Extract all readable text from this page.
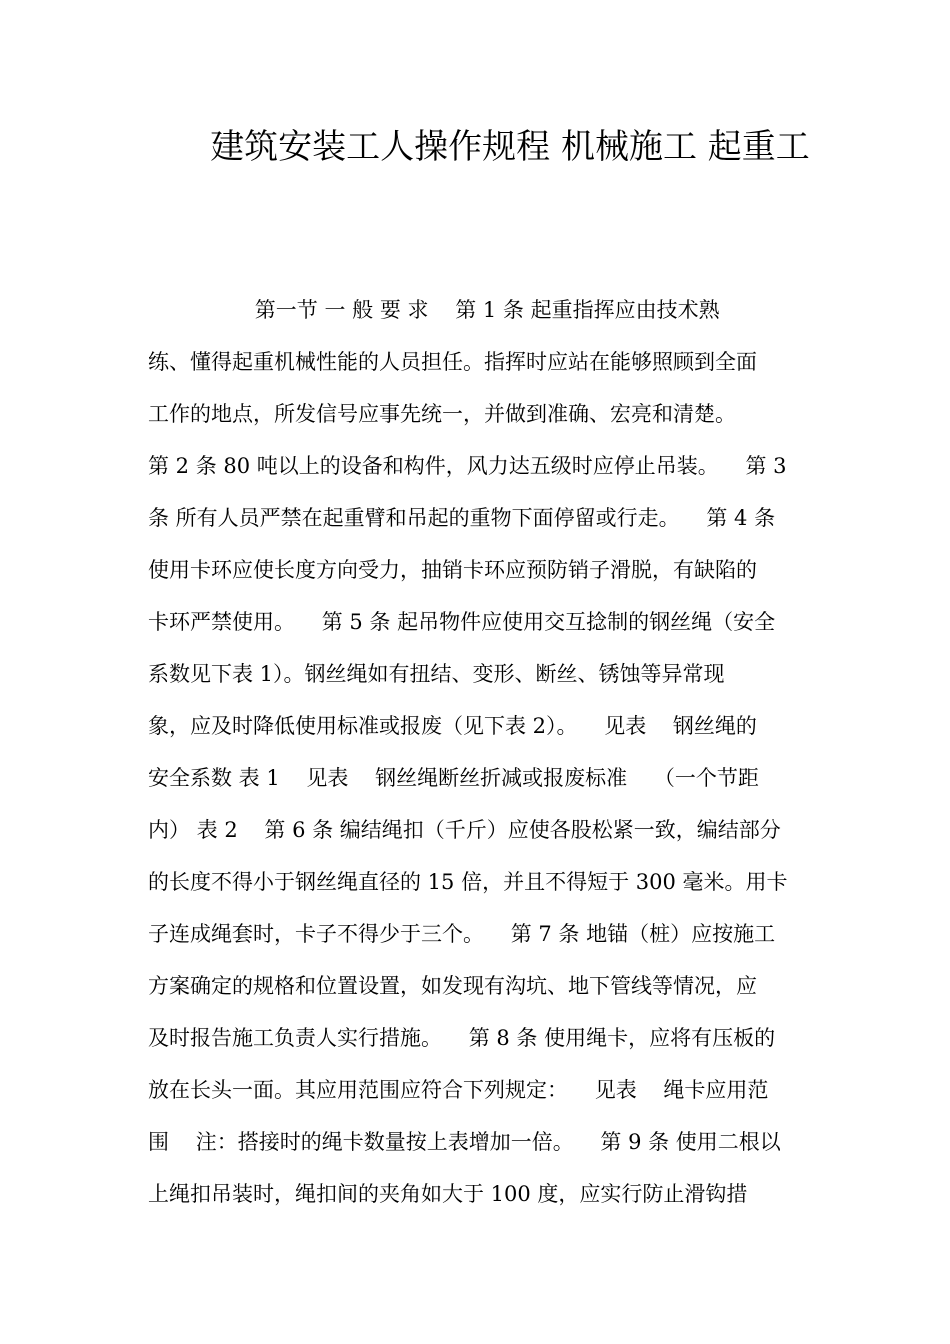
建筑安装工人操作规程 机械施工 起重工
第一节 一 般 要 求    第 1 条 起重指挥应由技术熟
练、懂得起重机械性能的人员担任。指挥时应站在能够照顾到全面
工作的地点，所发信号应事先统一，并做到准确、宏亮和清楚。
第 2 条 80 吨以上的设备和构件，风力达五级时应停止吊装。    第 3
条 所有人员严禁在起重臂和吊起的重物下面停留或行走。    第 4 条
使用卡环应使长度方向受力，抽销卡环应预防销子滑脱，有缺陷的
卡环严禁使用。    第 5 条 起吊物件应使用交互捻制的钢丝绳（安全
系数见下表 1）。钢丝绳如有扭结、变形、断丝、锈蚀等异常现
象，应及时降低使用标准或报废（见下表 2）。    见表    钢丝绳的
安全系数 表 1    见表    钢丝绳断丝折减或报废标准    （一个节距
内） 表 2    第 6 条 编结绳扣（千斤）应使各股松紧一致，编结部分
的长度不得小于钢丝绳直径的 15 倍，并且不得短于 300 毫米。用卡
子连成绳套时，卡子不得少于三个。    第 7 条 地锚（桩）应按施工
方案确定的规格和位置设置，如发现有沟坑、地下管线等情况，应
及时报告施工负责人实行措施。    第 8 条 使用绳卡，应将有压板的
放在长头一面。其应用范围应符合下列规定：    见表    绳卡应用范
围    注：搭接时的绳卡数量按上表增加一倍。    第 9 条 使用二根以
上绳扣吊装时，绳扣间的夹角如大于 100 度，应实行防止滑钩措
